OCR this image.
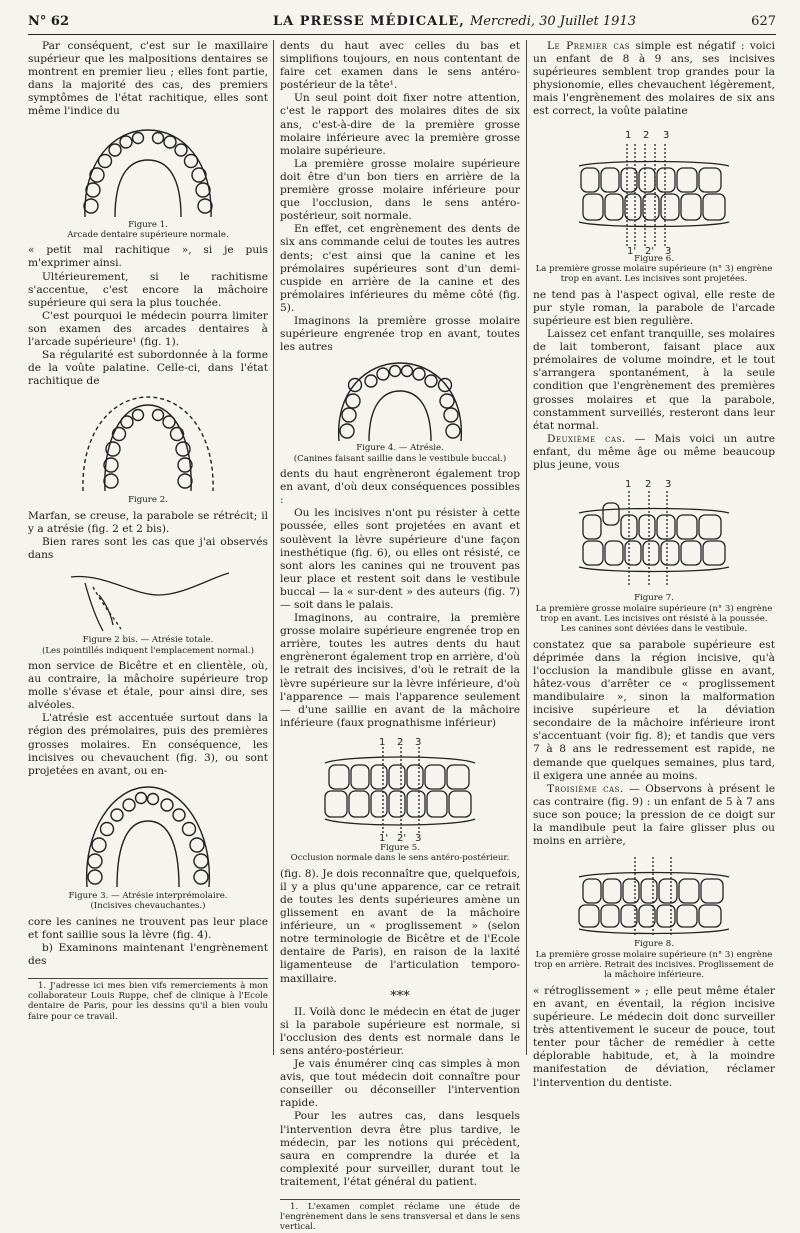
N° 62	LA PRESSE MÉDICALE, Mercredi, 30 Juillet 1913	627

Par conséquent, c'est sur le maxillaire supérieur que les malpositions dentaires se montrent en premier lieu ; elles font partie, dans la majorité des cas, des premiers symptômes de l'état rachitique, elles sont même l'indice du

Figure 1.
Arcade dentaire supérieure normale.

« petit mal rachitique », si je puis m'exprimer ainsi.

Ultérieurement, si le rachitisme s'accentue, c'est encore la mâchoire supérieure qui sera la plus touchée.

C'est pourquoi le médecin pourra limiter son examen des arcades dentaires à l'arcade supérieure¹ (fig. 1).

Sa régularité est subordonnée à la forme de la voûte palatine. Celle-ci, dans l'état rachitique de

Figure 2.

Marfan, se creuse, la parabole se rétrécit; il y a atrésie (fig. 2 et 2 bis).

Bien rares sont les cas que j'ai observés dans

Figure 2 bis. — Atrésie totale.
(Les pointillés indiquent l'emplacement normal.)

mon service de Bicêtre et en clientèle, où, au contraire, la mâchoire supérieure trop molle s'évase et étale, pour ainsi dire, ses alvéoles.

L'atrésie est accentuée surtout dans la région des prémolaires, puis des premières grosses molaires. En conséquence, les incisives ou chevauchent (fig. 3), ou sont projetées en avant, ou en-

Figure 3. — Atrésie interprémolaire.
(Incisives chevauchantes.)

core les canines ne trouvent pas leur place et font saillie sous la lèvre (fig. 4).

b) Examinons maintenant l'engrènement des

1. J'adresse ici mes bien vifs remerciements à mon collaborateur Louis Ruppe, chef de clinique à l'Ecole dentaire de Paris, pour les dessins qu'il a bien voulu faire pour ce travail.

dents du haut avec celles du bas et simplifions toujours, en nous contentant de faire cet examen dans le sens antéro-postérieur de la tête¹.

Un seul point doit fixer notre attention, c'est le rapport des molaires dites de six ans, c'est-à-dire de la première grosse molaire inférieure avec la première grosse molaire supérieure.

La première grosse molaire supérieure doit être d'un bon tiers en arrière de la première grosse molaire inférieure pour que l'occlusion, dans le sens antéro-postérieur, soit normale.

En effet, cet engrènement des dents de six ans commande celui de toutes les autres dents; c'est ainsi que la canine et les prémolaires supérieures sont d'un demi-cuspide en arrière de la canine et des prémolaires inférieures du même côté (fig. 5).

Imaginons la première grosse molaire supérieure engrenée trop en avant, toutes les autres

Figure 4. — Atrésie.
(Canines faisant saillie dans le vestibule buccal.)

dents du haut engrèneront également trop en avant, d'où deux conséquences possibles :

Ou les incisives n'ont pu résister à cette poussée, elles sont projetées en avant et soulèvent la lèvre supérieure d'une façon inesthétique (fig. 6), ou elles ont résisté, ce sont alors les canines qui ne trouvent pas leur place et restent soit dans le vestibule buccal — la « sur-dent » des auteurs (fig. 7) — soit dans le palais.

Imaginons, au contraire, la première grosse molaire supérieure engrenée trop en arrière, toutes les autres dents du haut engrèneront également trop en arrière, d'où le retrait des incisives, d'où le retrait de la lèvre supérieure sur la lèvre inférieure, d'où l'apparence — mais l'apparence seulement — d'une saillie en avant de la mâchoire inférieure (faux prognathisme inférieur)

1 2 3
1' 2' 3
Figure 5.
Occlusion normale dans le sens antéro-postérieur.

(fig. 8). Je dois reconnaître que, quelquefois, il y a plus qu'une apparence, car ce retrait de toutes les dents supérieures amène un glissement en avant de la mâchoire inférieure, un « proglissement » (selon notre terminologie de Bicêtre et de l'Ecole dentaire de Paris), en raison de la laxité ligamenteuse de l'articulation temporo-maxillaire.

***

II. Voilà donc le médecin en état de juger si la parabole supérieure est normale, si l'occlusion des dents est normale dans le sens antéro-postérieur.

Je vais énumérer cinq cas simples à mon avis, que tout médecin doit connaître pour conseiller ou déconseiller l'intervention rapide.

Pour les autres cas, dans lesquels l'intervention devra être plus tardive, le médecin, par les notions qui précèdent, saura en comprendre la durée et la complexité pour surveiller, durant tout le traitement, l'état général du patient.

1. L'examen complet réclame une étude de l'engrènement dans le sens transversal et dans le sens vertical.

Le Premier cas simple est négatif : voici un enfant de 8 à 9 ans, ses incisives supérieures semblent trop grandes pour la physionomie, elles chevauchent légèrement, mais l'engrènement des molaires de six ans est correct, la voûte palatine

1 2 3
1' 2' 3
Figure 6.
La première grosse molaire supérieure (n° 3) engrène trop en avant. Les incisives sont projetées.

ne tend pas à l'aspect ogival, elle reste de pur style roman, la parabole de l'arcade supérieure est bien regulière.

Laissez cet enfant tranquille, ses molaires de lait tomberont, faisant place aux prémolaires de volume moindre, et le tout s'arrangera spontanément, à la seule condition que l'engrènement des premières grosses molaires et que la parabole, constamment surveillés, resteront dans leur état normal.

Deuxième cas. — Mais voici un autre enfant, du même âge ou même beaucoup plus jeune, vous

1 2 3
Figure 7.
La première grosse molaire supérieure (n° 3) engrène trop en avant. Les incisives ont résisté à la poussée. Les canines sont déviées dans le vestibule.

constatez que sa parabole supérieure est déprimée dans la région incisive, qu'à l'occlusion la mandibule glisse en avant, hâtez-vous d'arrêter ce « proglissement mandibulaire », sinon la malformation incisive supérieure et la déviation secondaire de la mâchoire inférieure iront s'accentuant (voir fig. 8); et tandis que vers 7 à 8 ans le redressement est rapide, ne demande que quelques semaines, plus tard, il exigera une année au moins.

Troisième cas. — Observons à présent le cas contraire (fig. 9) : un enfant de 5 à 7 ans suce son pouce; la pression de ce doigt sur la mandibule peut la faire glisser plus ou moins en arrière,

Figure 8.
La première grosse molaire supérieure (n° 3) engrène trop en arrière. Retrait des incisives. Proglissement de la mâchoire inférieure.

« rétroglissement » ; elle peut même étaler en avant, en éventail, la région incisive supérieure. Le médecin doit donc surveiller très attentivement le suceur de pouce, tout tenter pour tâcher de remédier à cette déplorable habitude, et, à la moindre manifestation de déviation, réclamer l'intervention du dentiste.
